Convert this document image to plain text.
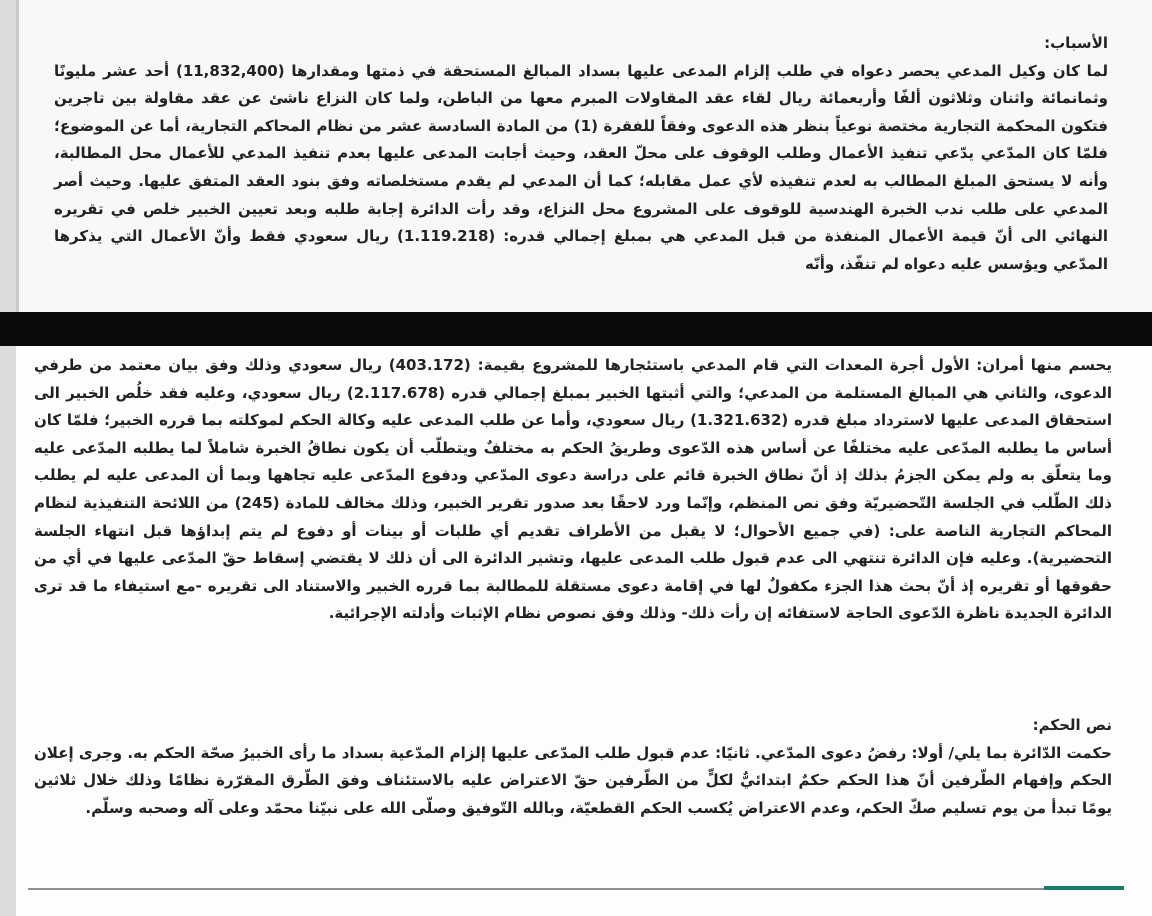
الأسباب:

لما كان وكيل المدعي يحصر دعواه في طلب إلزام المدعى عليها بسداد المبالغ المستحقة في ذمتها ومقدارها (11,832,400) أحد عشر مليونًا وثمانمائة واثنان وثلاثون ألفًا وأربعمائة ريال لقاء عقد المقاولات المبرم معها من الباطن، ولما كان النزاع ناشئ عن عقد مقاولة بين تاجرين فتكون المحكمة التجارية مختصة نوعياً بنظر هذه الدعوى وفقاً للفقرة (1) من المادة السادسة عشر من نظام المحاكم التجارية، أما عن الموضوع؛ فلمّا كان المدّعي يدّعي تنفيذ الأعمال وطلب الوقوف على محلّ العقد، وحيث أجابت المدعى عليها بعدم تنفيذ المدعي للأعمال محل المطالبة، وأنه لا يستحق المبلغ المطالب به لعدم تنفيذه لأي عمل مقابله؛ كما أن المدعي لم يقدم مستخلصاته وفق بنود العقد المتفق عليها. وحيث أصر المدعي على طلب ندب الخبرة الهندسية للوقوف على المشروع محل النزاع، وقد رأت الدائرة إجابة طلبه وبعد تعيين الخبير خلص في تقريره النهائي الى أنّ قيمة الأعمال المنفذة من قبل المدعي هي بمبلغ إجمالي قدره: (1.119.218) ريال سعودي فقط وأنّ الأعمال التي يذكرها المدّعي ويؤسس عليه دعواه لم تنفّذ، وأنّه

يحسم منها أمران: الأول أجرة المعدات التي قام المدعي باستئجارها للمشروع بقيمة: (403.172) ريال سعودي وذلك وفق بيان معتمد من طرفي الدعوى، والثاني هي المبالغ المستلمة من المدعي؛ والتي أثبتها الخبير بمبلغ إجمالي قدره (2.117.678) ريال سعودي، وعليه فقد خلُص الخبير الى استحقاق المدعى عليها لاسترداد مبلغ قدره (1.321.632) ريال سعودي، وأما عن طلب المدعى عليه وكالة الحكم لموكلته بما قرره الخبير؛ فلمّا كان أساس ما يطلبه المدّعى عليه مختلفًا عن أساس هذه الدّعوى وطريقُ الحكم به مختلفٌ ويتطلّب أن يكون نطاقُ الخبرة شاملاً لما يطلبه المدّعى عليه وما يتعلّق به ولم يمكن الجزمُ بذلك إذ أنّ نطاق الخبرة قائم على دراسة دعوى المدّعي ودفوع المدّعى عليه تجاهها وبما أن المدعى عليه لم يطلب ذلك الطّلب في الجلسة التّحضيريّة وفق نص المنظم، وإنّما ورد لاحقًا بعد صدور تقرير الخبير، وذلك مخالف للمادة (245) من اللائحة التنفيذية لنظام المحاكم التجارية الناصة على: (في جميع الأحوال؛ لا يقبل من الأطراف تقديم أي طلبات أو بينات أو دفوع لم يتم إبداؤها قبل انتهاء الجلسة التحضيرية). وعليه فإن الدائرة تنتهي الى عدم قبول طلب المدعى عليها، وتشير الدائرة الى أن ذلك لا يقتضي إسقاط حقّ المدّعى عليها في أي من حقوقها أو تقريره إذ أنّ بحث هذا الجزء مكفولٌ لها في إقامة دعوى مستقلة للمطالبة بما قرره الخبير والاستناد الى تقريره -مع استيفاء ما قد ترى الدائرة الجديدة ناظرة الدّعوى الحاجة لاستفائه إن رأت ذلك- وذلك وفق نصوص نظام الإثبات وأدلته الإجرائية.

نص الحكم:

حكمت الدّائرة بما يلي/ أولا: رفضُ دعوى المدّعي. ثانيًا: عدم قبول طلب المدّعى عليها إلزام المدّعية بسداد ما رأى الخبيرُ صحّة الحكم به. وجرى إعلان الحكم وإفهام الطّرفين أنّ هذا الحكم حكمٌ ابتدائيٌّ لكلٍّ من الطّرفين حقّ الاعتراض عليه بالاستئناف وفق الطّرق المقرّرة نظامًا وذلك خلال ثلاثين يومًا تبدأ من يوم تسليم صكّ الحكم، وعدم الاعتراض يُكسب الحكم القطعيّة، وبالله التّوفيق وصلّى الله على نبيّنا محمّد وعلى آله وصحبه وسلّم.
